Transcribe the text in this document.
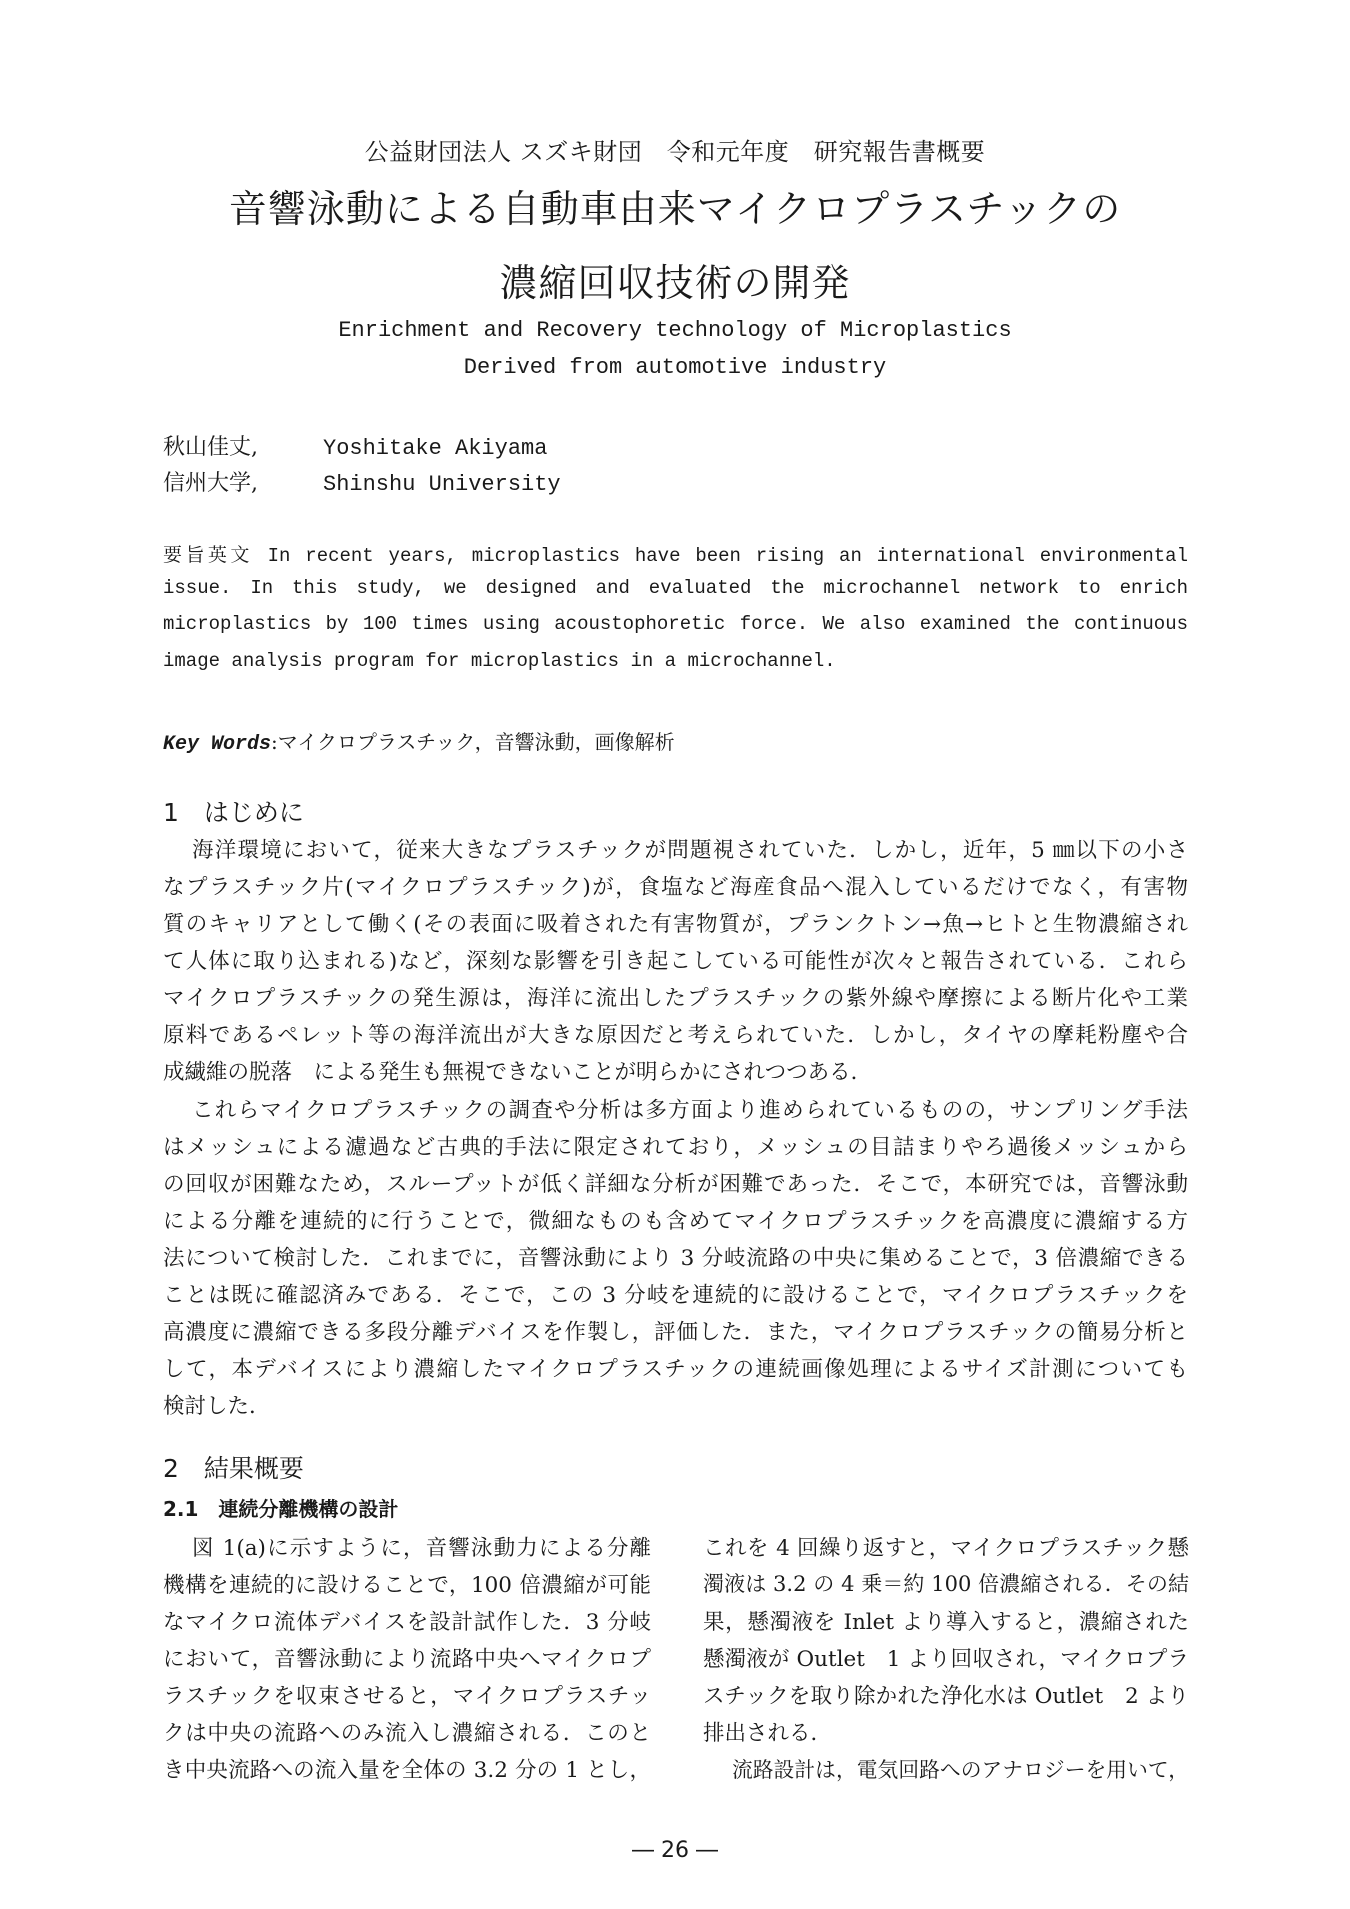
公益財団法人 スズキ財団　令和元年度　研究報告書概要
音響泳動による自動車由来マイクロプラスチックの
濃縮回収技術の開発
Enrichment and Recovery technology of Microplastics
Derived from automotive industry
秋山佳丈,	Yoshitake Akiyama
信州大学,	Shinshu University
要旨英文 In recent years, microplastics have been rising an international environmental
issue. In this study, we designed and evaluated the microchannel network to enrich
microplastics by 100 times using acoustophoretic force. We also examined the continuous
image analysis program for microplastics in a microchannel.
Key Words:マイクロプラスチック，音響泳動，画像解析
1　はじめに
海洋環境において，従来大きなプラスチックが問題視されていた．しかし，近年，5 ㎜以下の小さ
なプラスチック片(マイクロプラスチック)が，食塩など海産食品へ混入しているだけでなく，有害物
質のキャリアとして働く(その表面に吸着された有害物質が，プランクトン→魚→ヒトと生物濃縮され
て人体に取り込まれる)など，深刻な影響を引き起こしている可能性が次々と報告されている．これら
マイクロプラスチックの発生源は，海洋に流出したプラスチックの紫外線や摩擦による断片化や工業
原料であるペレット等の海洋流出が大きな原因だと考えられていた．しかし，タイヤの摩耗粉塵や合
成繊維の脱落　による発生も無視できないことが明らかにされつつある．
これらマイクロプラスチックの調査や分析は多方面より進められているものの，サンプリング手法
はメッシュによる濾過など古典的手法に限定されており，メッシュの目詰まりやろ過後メッシュから
の回収が困難なため，スループットが低く詳細な分析が困難であった．そこで，本研究では，音響泳動
による分離を連続的に行うことで，微細なものも含めてマイクロプラスチックを高濃度に濃縮する方
法について検討した．これまでに，音響泳動により 3 分岐流路の中央に集めることで，3 倍濃縮できる
ことは既に確認済みである．そこで，この 3 分岐を連続的に設けることで，マイクロプラスチックを
高濃度に濃縮できる多段分離デバイスを作製し，評価した．また，マイクロプラスチックの簡易分析と
して，本デバイスにより濃縮したマイクロプラスチックの連続画像処理によるサイズ計測についても
検討した．
2　結果概要
2.1　連続分離機構の設計
図 1(a)に示すように，音響泳動力による分離
機構を連続的に設けることで，100 倍濃縮が可能
なマイクロ流体デバイスを設計試作した．3 分岐
において，音響泳動により流路中央へマイクロプ
ラスチックを収束させると，マイクロプラスチッ
クは中央の流路へのみ流入し濃縮される．このと
き中央流路への流入量を全体の 3.2 分の 1 とし，
これを 4 回繰り返すと，マイクロプラスチック懸
濁液は 3.2 の 4 乗＝約 100 倍濃縮される．その結
果，懸濁液を Inlet より導入すると，濃縮された
懸濁液が Outlet　1 より回収され，マイクロプラ
スチックを取り除かれた浄化水は Outlet　2 より
排出される．
流路設計は，電気回路へのアナロジーを用いて，
― 26 ―
